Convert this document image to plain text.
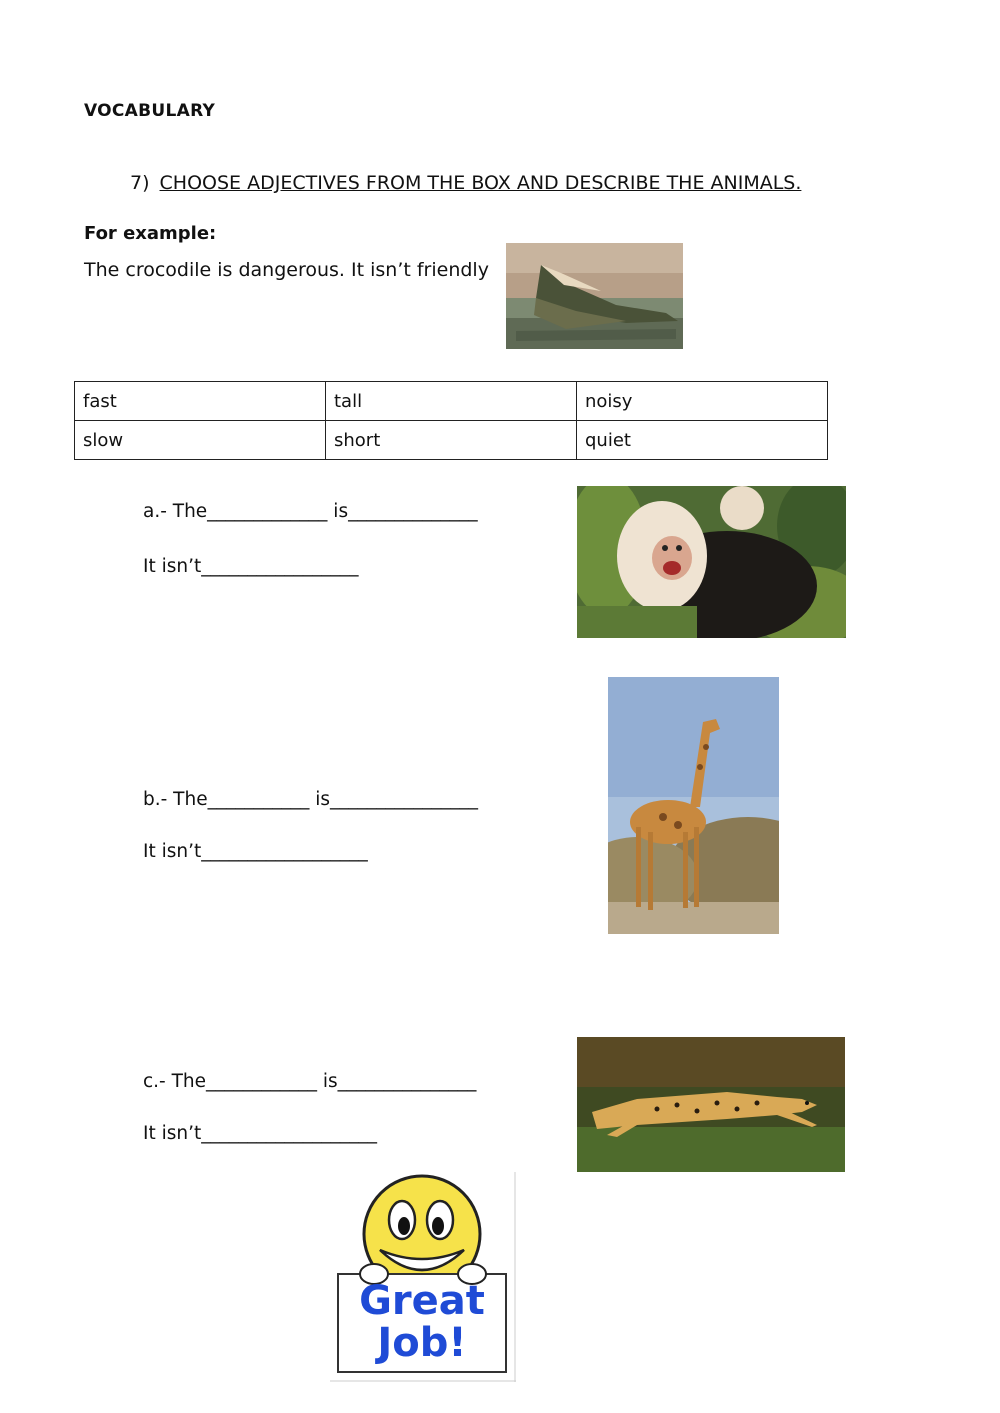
VOCABULARY
7) CHOOSE ADJECTIVES FROM THE BOX AND DESCRIBE THE ANIMALS.
For example:
The crocodile is dangerous. It isn’t friendly
fast	tall	noisy
slow	short	quiet
a.- The_____________ is______________
It isn’t_________________
b.- The___________ is________________
It isn’t__________________
c.- The____________ is_______________
It isn’t___________________
Great
Job!
